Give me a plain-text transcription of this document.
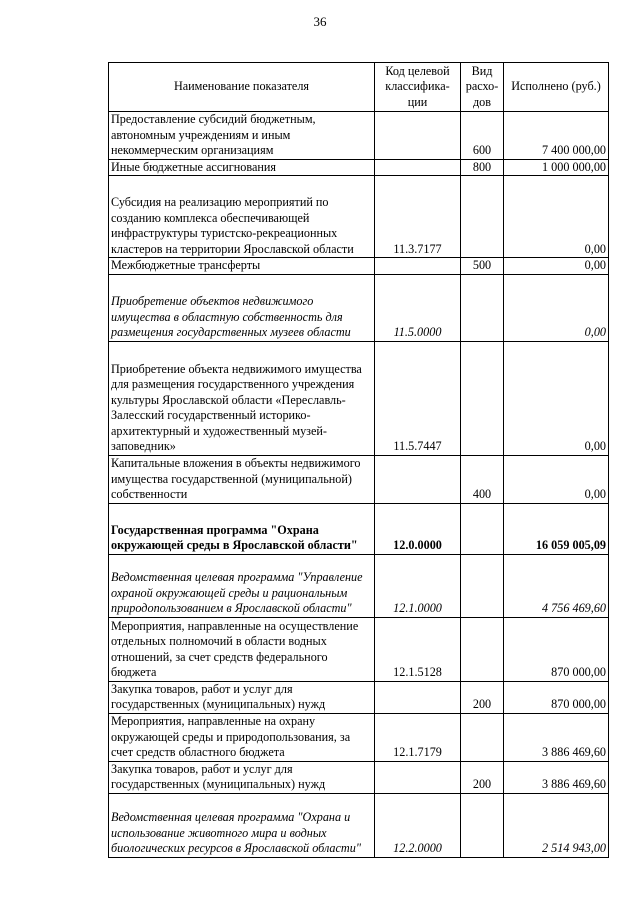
36
Наименование показателя	Код целевой классифика-ции	Вид расхо-дов	Исполнено (руб.)
Предоставление субсидий бюджетным, автономным учреждениям и иным некоммерческим организациям		600	7 400 000,00
Иные бюджетные ассигнования		800	1 000 000,00
Субсидия на реализацию мероприятий по созданию комплекса обеспечивающей инфраструктуры туристско-рекреационных кластеров на территории Ярославской области	11.3.7177		0,00
Межбюджетные трансферты		500	0,00
Приобретение объектов недвижимого имущества в областную собственность для размещения государственных музеев области	11.5.0000		0,00
Приобретение объекта недвижимого имущества для размещения государственного учреждения культуры Ярославской области «Переславль-Залесский государственный историко-архитектурный и художественный музей-заповедник»	11.5.7447		0,00
Капитальные вложения в объекты недвижимого имущества государственной (муниципальной) собственности		400	0,00
Государственная программа "Охрана окружающей среды в Ярославской области"	12.0.0000		16 059 005,09
Ведомственная целевая программа "Управление охраной окружающей среды и рациональным природопользованием в Ярославской области"	12.1.0000		4 756 469,60
Мероприятия, направленные на осуществление отдельных полномочий в области водных отношений, за счет средств федерального бюджета	12.1.5128		870 000,00
Закупка товаров, работ и услуг для государственных (муниципальных) нужд		200	870 000,00
Мероприятия, направленные на охрану окружающей среды и природопользования, за счет средств областного бюджета	12.1.7179		3 886 469,60
Закупка товаров, работ и услуг для государственных (муниципальных) нужд		200	3 886 469,60
Ведомственная целевая программа "Охрана и использование животного мира и водных биологических ресурсов в Ярославской области"	12.2.0000		2 514 943,00
